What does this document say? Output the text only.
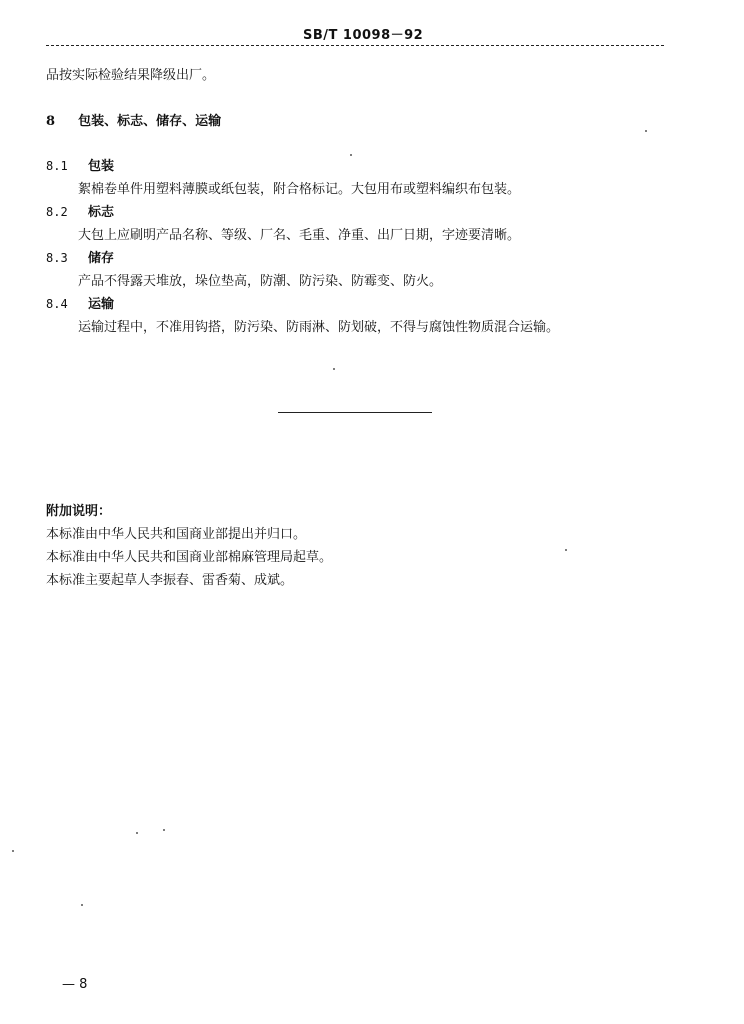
SB/T 10098－92
品按实际检验结果降级出厂。
8 包装、标志、储存、运输
8.1 包装
絮棉卷单件用塑料薄膜或纸包装，附合格标记。大包用布或塑料编织布包装。
8.2 标志
大包上应刷明产品名称、等级、厂名、毛重、净重、出厂日期，字迹要清晰。
8.3 储存
产品不得露天堆放，垛位垫高，防潮、防污染、防霉变、防火。
8.4 运输
运输过程中，不准用钩搭，防污染、防雨淋、防划破，不得与腐蚀性物质混合运输。
附加说明：
本标准由中华人民共和国商业部提出并归口。
本标准由中华人民共和国商业部棉麻管理局起草。
本标准主要起草人李振春、雷香菊、成斌。
— 8
